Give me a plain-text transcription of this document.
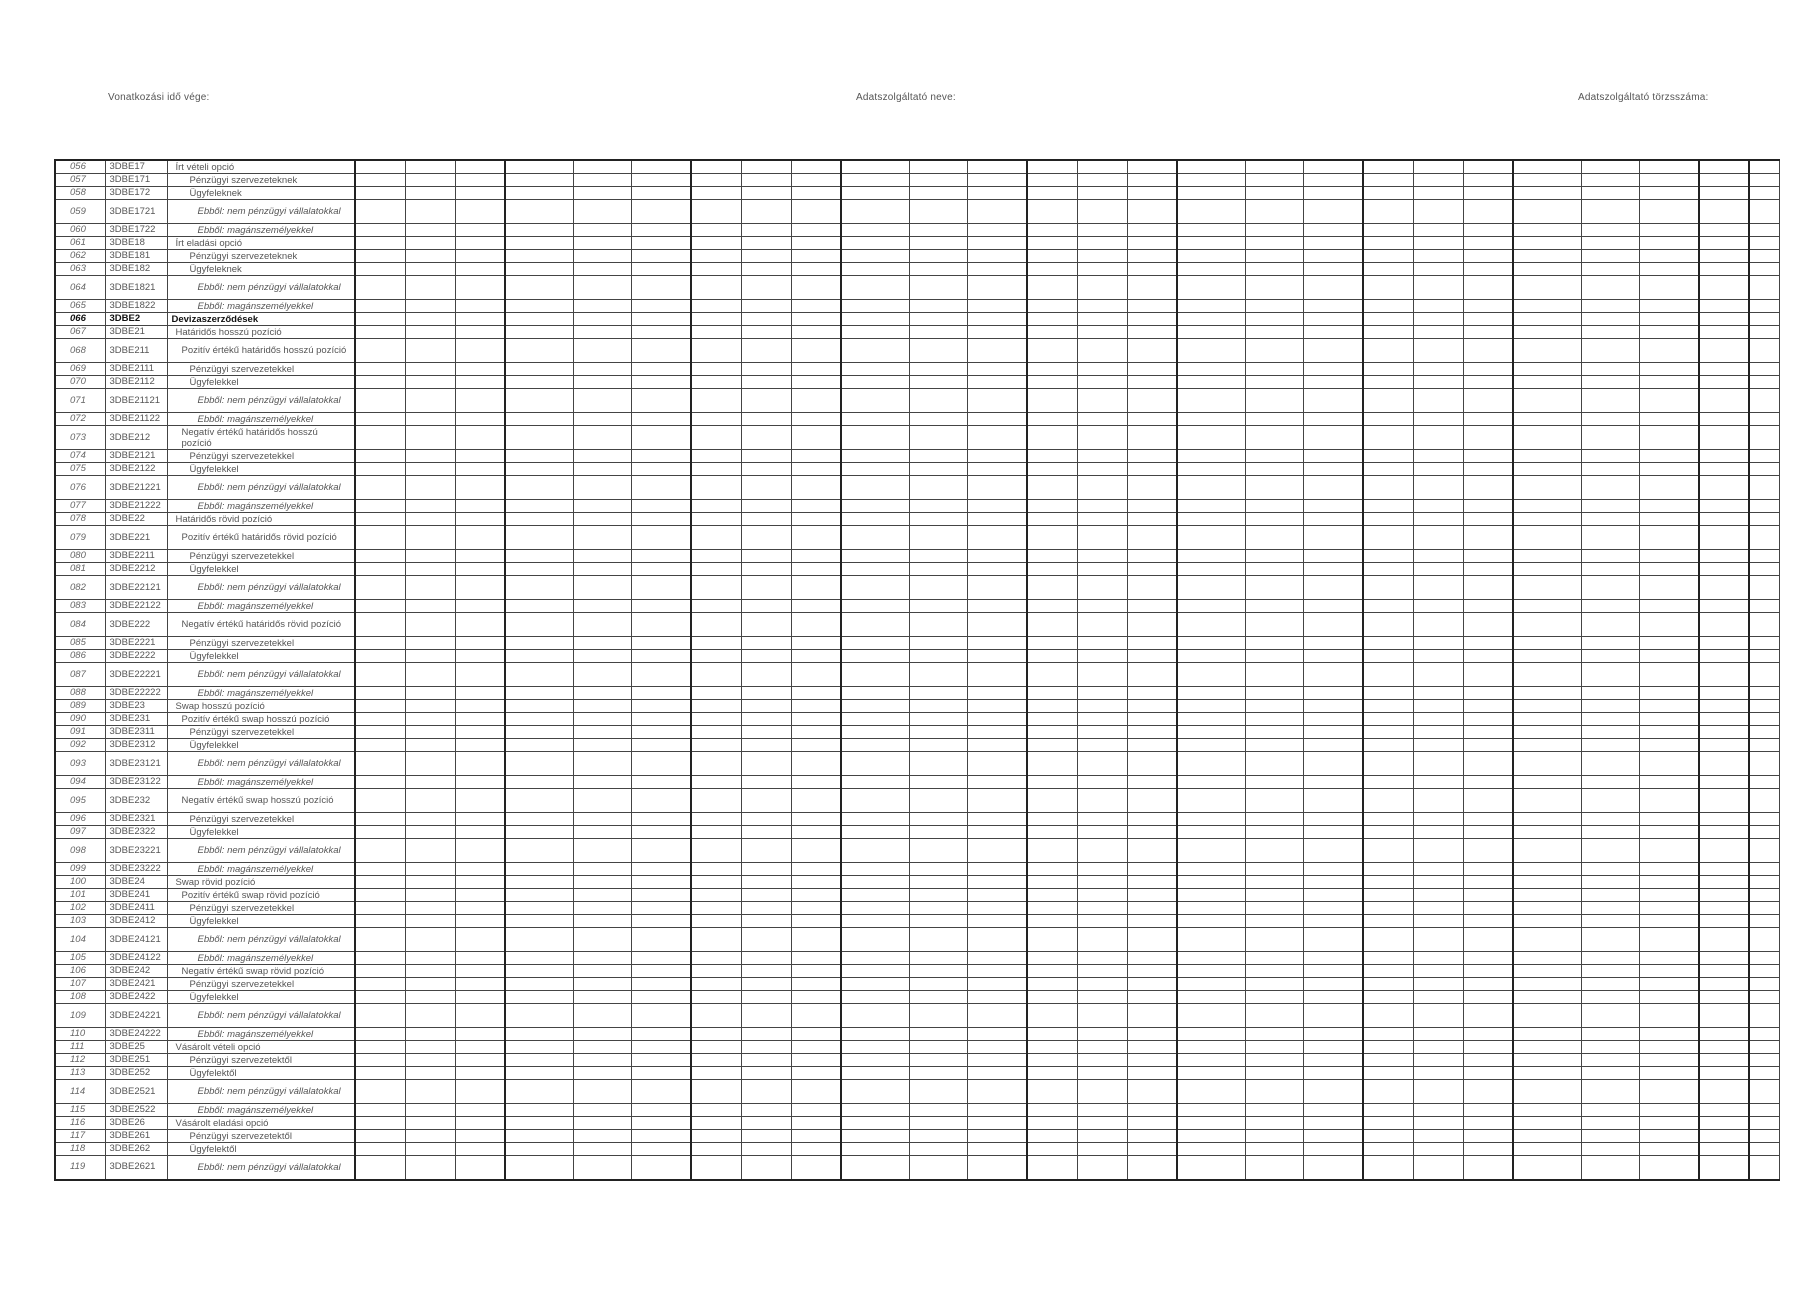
Vonatkozási idő vége:	Adatszolgáltató neve:	Adatszolgáltató törzsszáma:
056	3DBE17	Írt vételi opció																										
057	3DBE171	Pénzügyi szervezeteknek																										
058	3DBE172	Ügyfeleknek																										
059	3DBE1721	Ebből: nem pénzügyi vállalatokkal																										
060	3DBE1722	Ebből: magánszemélyekkel																										
061	3DBE18	Írt eladási opció																										
062	3DBE181	Pénzügyi szervezeteknek																										
063	3DBE182	Ügyfeleknek																										
064	3DBE1821	Ebből: nem pénzügyi vállalatokkal																										
065	3DBE1822	Ebből: magánszemélyekkel																										
066	3DBE2	Devizaszerződések																										
067	3DBE21	Határidős hosszú pozíció																										
068	3DBE211	Pozitív értékű határidős hosszú pozíció																										
069	3DBE2111	Pénzügyi szervezetekkel																										
070	3DBE2112	Ügyfelekkel																										
071	3DBE21121	Ebből: nem pénzügyi vállalatokkal																										
072	3DBE21122	Ebből: magánszemélyekkel																										
073	3DBE212	Negatív értékű határidős hosszú pozíció																										
074	3DBE2121	Pénzügyi szervezetekkel																										
075	3DBE2122	Ügyfelekkel																										
076	3DBE21221	Ebből: nem pénzügyi vállalatokkal																										
077	3DBE21222	Ebből: magánszemélyekkel																										
078	3DBE22	Határidős rövid pozíció																										
079	3DBE221	Pozitív értékű határidős rövid pozíció																										
080	3DBE2211	Pénzügyi szervezetekkel																										
081	3DBE2212	Ügyfelekkel																										
082	3DBE22121	Ebből: nem pénzügyi vállalatokkal																										
083	3DBE22122	Ebből: magánszemélyekkel																										
084	3DBE222	Negatív értékű határidős rövid pozíció																										
085	3DBE2221	Pénzügyi szervezetekkel																										
086	3DBE2222	Ügyfelekkel																										
087	3DBE22221	Ebből: nem pénzügyi vállalatokkal																										
088	3DBE22222	Ebből: magánszemélyekkel																										
089	3DBE23	Swap hosszú pozíció																										
090	3DBE231	Pozitív értékű swap hosszú pozíció																										
091	3DBE2311	Pénzügyi szervezetekkel																										
092	3DBE2312	Ügyfelekkel																										
093	3DBE23121	Ebből: nem pénzügyi vállalatokkal																										
094	3DBE23122	Ebből: magánszemélyekkel																										
095	3DBE232	Negatív értékű swap hosszú pozíció																										
096	3DBE2321	Pénzügyi szervezetekkel																										
097	3DBE2322	Ügyfelekkel																										
098	3DBE23221	Ebből: nem pénzügyi vállalatokkal																										
099	3DBE23222	Ebből: magánszemélyekkel																										
100	3DBE24	Swap rövid pozíció																										
101	3DBE241	Pozitív értékű swap rövid pozíció																										
102	3DBE2411	Pénzügyi szervezetekkel																										
103	3DBE2412	Ügyfelekkel																										
104	3DBE24121	Ebből: nem pénzügyi vállalatokkal																										
105	3DBE24122	Ebből: magánszemélyekkel																										
106	3DBE242	Negatív értékű swap rövid pozíció																										
107	3DBE2421	Pénzügyi szervezetekkel																										
108	3DBE2422	Ügyfelekkel																										
109	3DBE24221	Ebből: nem pénzügyi vállalatokkal																										
110	3DBE24222	Ebből: magánszemélyekkel																										
111	3DBE25	Vásárolt vételi opció																										
112	3DBE251	Pénzügyi szervezetektől																										
113	3DBE252	Ügyfelektől																										
114	3DBE2521	Ebből: nem pénzügyi vállalatokkal																										
115	3DBE2522	Ebből: magánszemélyekkel																										
116	3DBE26	Vásárolt eladási opció																										
117	3DBE261	Pénzügyi szervezetektől																										
118	3DBE262	Ügyfelektől																										
119	3DBE2621	Ebből: nem pénzügyi vállalatokkal																										
